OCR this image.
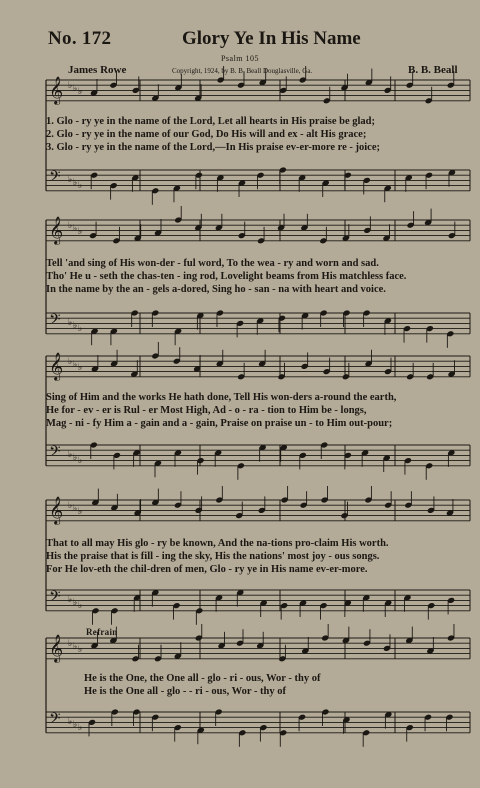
No. 172	Glory Ye In His Name
Psalm 105
James Rowe	Copyright, 1924, by B. B. Beall Douglasville, Ga.	B. B. Beall
Refrain
𝄞
𝄢
♭
♭
♭
♭
♭
♭
𝄞
𝄢
♭
♭
♭
♭
♭
♭
𝄞
𝄢
♭
♭
♭
♭
♭
♭
𝄞
𝄢
♭
♭
♭
♭
♭
♭
𝄞
𝄢
♭
♭
♭
♭
♭
♭
1. Glo - ry ye in the name of the Lord, Let all hearts in His praise be glad;
2. Glo - ry ye in the name of our God, Do His will and ex - alt His grace;
3. Glo - ry ye in the name of the Lord,—In His praise ev-er-more re - joice;
Tell 'and sing of His won-der - ful word, To the wea - ry and worn and sad.
Tho' He u - seth the chas-ten - ing rod, Lovelight beams from His matchless face.
In the name by the an - gels a-dored, Sing ho - san - na with heart and voice.
Sing of Him and the works He hath done, Tell His won-ders a-round the earth,
He for - ev - er is Rul - er Most High, Ad - o - ra - tion to Him be - longs,
Mag - ni - fy Him a - gain and a - gain, Praise on praise un - to Him out-pour;
That to all may His glo - ry be known, And the na-tions pro-claim His worth.
His the praise that is fill - ing the sky, His the nations' most joy - ous songs.
For He lov-eth the chil-dren of men, Glo - ry ye in His name ev-er-more.
He is the One, the One all - glo - ri - ous, Wor - thy of
He is the One all - glo - - ri - ous, Wor - thy of
